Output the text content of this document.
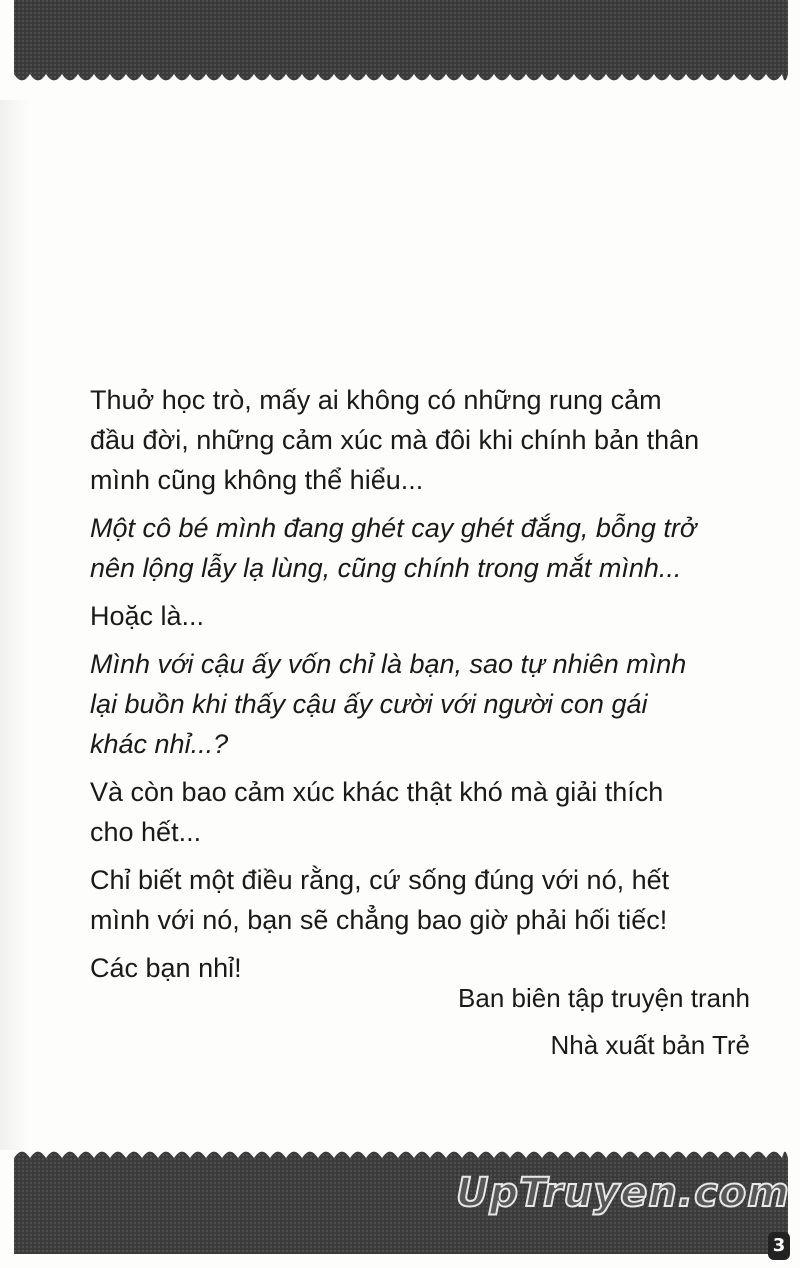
Thuở học trò, mấy ai không có những rung cảm
đầu đời, những cảm xúc mà đôi khi chính bản thân
mình cũng không thể hiểu...

Một cô bé mình đang ghét cay ghét đắng, bỗng trở
nên lộng lẫy lạ lùng, cũng chính trong mắt mình...

Hoặc là...

Mình với cậu ấy vốn chỉ là bạn, sao tự nhiên mình
lại buồn khi thấy cậu ấy cười với người con gái
khác nhỉ...?

Và còn bao cảm xúc khác thật khó mà giải thích
cho hết...

Chỉ biết một điều rằng, cứ sống đúng với nó, hết
mình với nó, bạn sẽ chẳng bao giờ phải hối tiếc!

Các bạn nhỉ!

Ban biên tập truyện tranh
Nhà xuất bản Trẻ
UpTruyen.com
3
